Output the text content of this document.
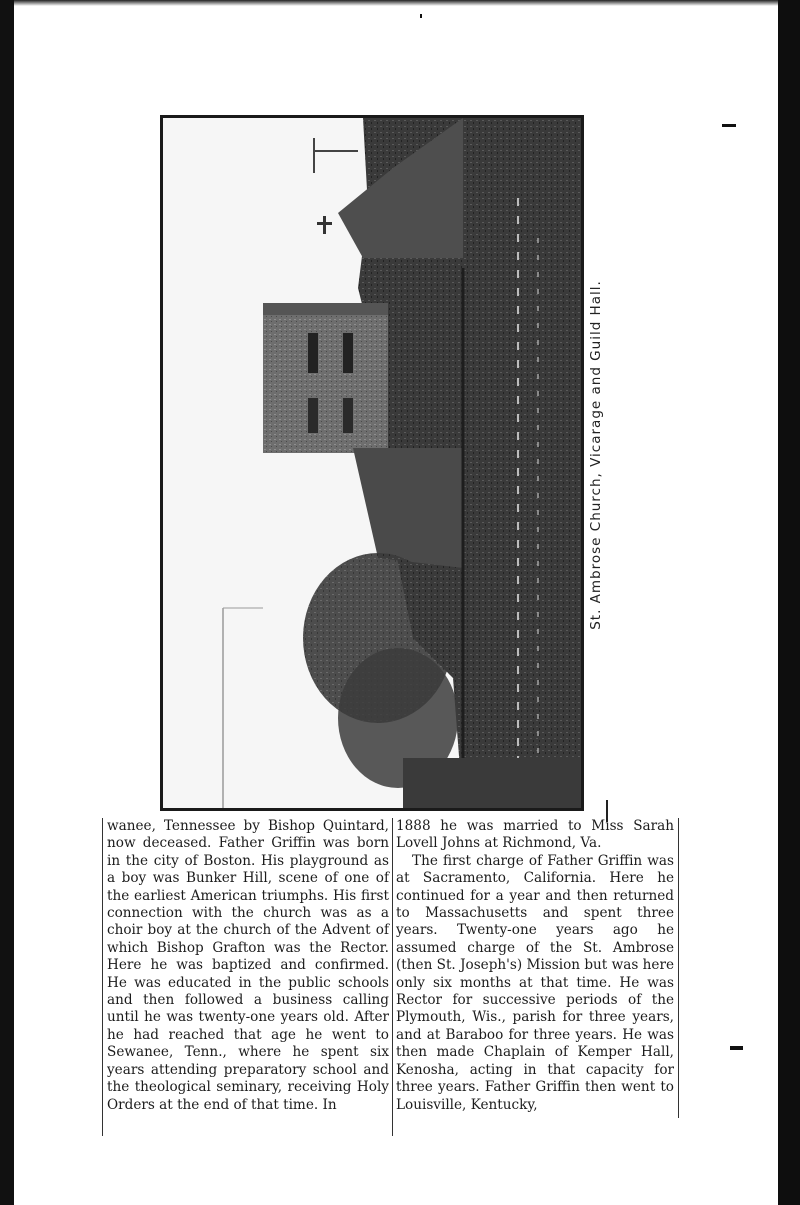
St. Ambrose Church, Vicarage and Guild Hall.

wanee, Tennessee by Bishop Quintard, now deceased. Father Griffin was born in the city of Boston. His playground as a boy was Bunker Hill, scene of one of the earliest American triumphs. His first connection with the church was as a choir boy at the church of the Advent of which Bishop Grafton was the Rector. Here he was baptized and confirmed. He was educated in the public schools and then followed a business calling until he was twenty-one years old. After he had reached that age he went to Sewanee, Tenn., where he spent six years attending preparatory school and the theological seminary, receiving Holy Orders at the end of that time. In

1888 he was married to Miss Sarah Lovell Johns at Richmond, Va.

The first charge of Father Griffin was at Sacramento, California. Here he continued for a year and then returned to Massachusetts and spent three years. Twenty-one years ago he assumed charge of the St. Ambrose (then St. Joseph's) Mission but was here only six months at that time. He was Rector for successive periods of the Plymouth, Wis., parish for three years, and at Baraboo for three years. He was then made Chaplain of Kemper Hall, Kenosha, acting in that capacity for three years. Father Griffin then went to Louisville, Kentucky,
